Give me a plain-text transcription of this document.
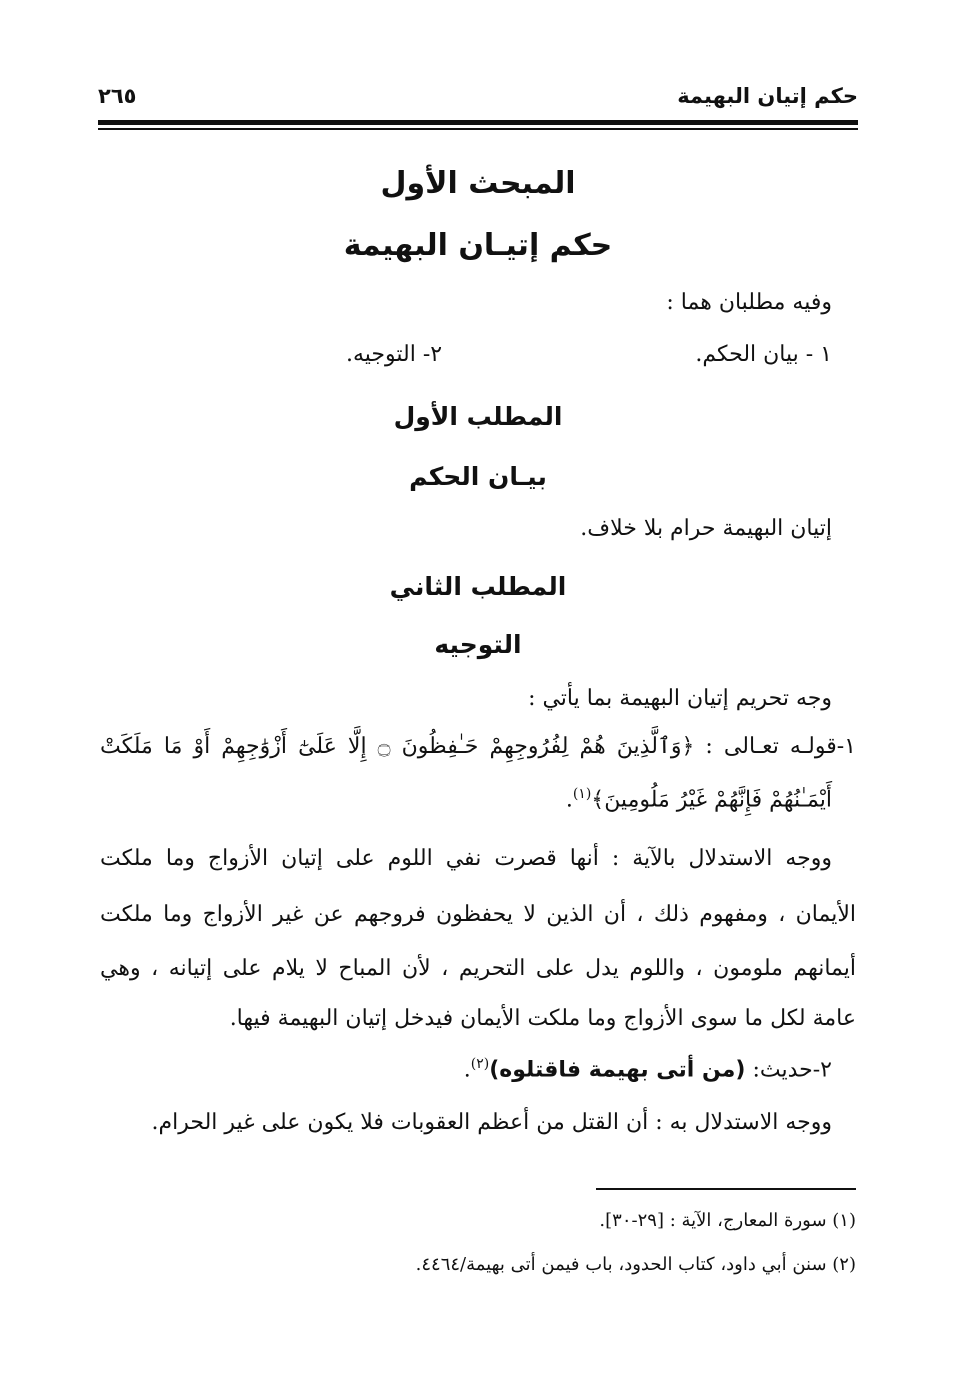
حكم إتيان البهيمة
٢٦٥
المبحث الأول
حكم إتيـان البهيمة
وفيه مطلبان هما :
١ - بيان الحكم.
٢- التوجيه.
المطلب الأول
بيـان الحكم
إتيان البهيمة حرام بلا خلاف.
المطلب الثاني
التوجيه
وجه تحريم إتيان البهيمة بما يأتي :
١-قولـه تعـالى : ﴿وَٱلَّذِينَ هُمْ لِفُرُوجِهِمْ حَـٰفِظُونَ ۝ إِلَّا عَلَىٰٓ أَزْوَٰجِهِمْ أَوْ مَا مَلَكَتْ
أَيْمَـٰنُهُمْ فَإِنَّهُمْ غَيْرُ مَلُومِينَ﴾$^{(١)}$.
ووجه الاستدلال بالآية : أنها قصرت نفي اللوم على إتيان الأزواج وما ملكت
الأيمان ، ومفهوم ذلك ، أن الذين لا يحفظون فروجهم عن غير الأزواج وما ملكت
أيمانهم ملومون ، واللوم يدل على التحريم ، لأن المباح لا يلام على إتيانه ، وهي
عامة لكل ما سوى الأزواج وما ملكت الأيمان فيدخل إتيان البهيمة فيها.
٢-حديث: (من أتى بهيمة فاقتلوه)$^{(٢)}$.
ووجه الاستدلال به : أن القتل من أعظم العقوبات فلا يكون على غير الحرام.
(١) سورة المعارج، الآية : [٢٩-٣٠].
(٢) سنن أبي داود، كتاب الحدود، باب فيمن أتى بهيمة/٤٤٦٤.
